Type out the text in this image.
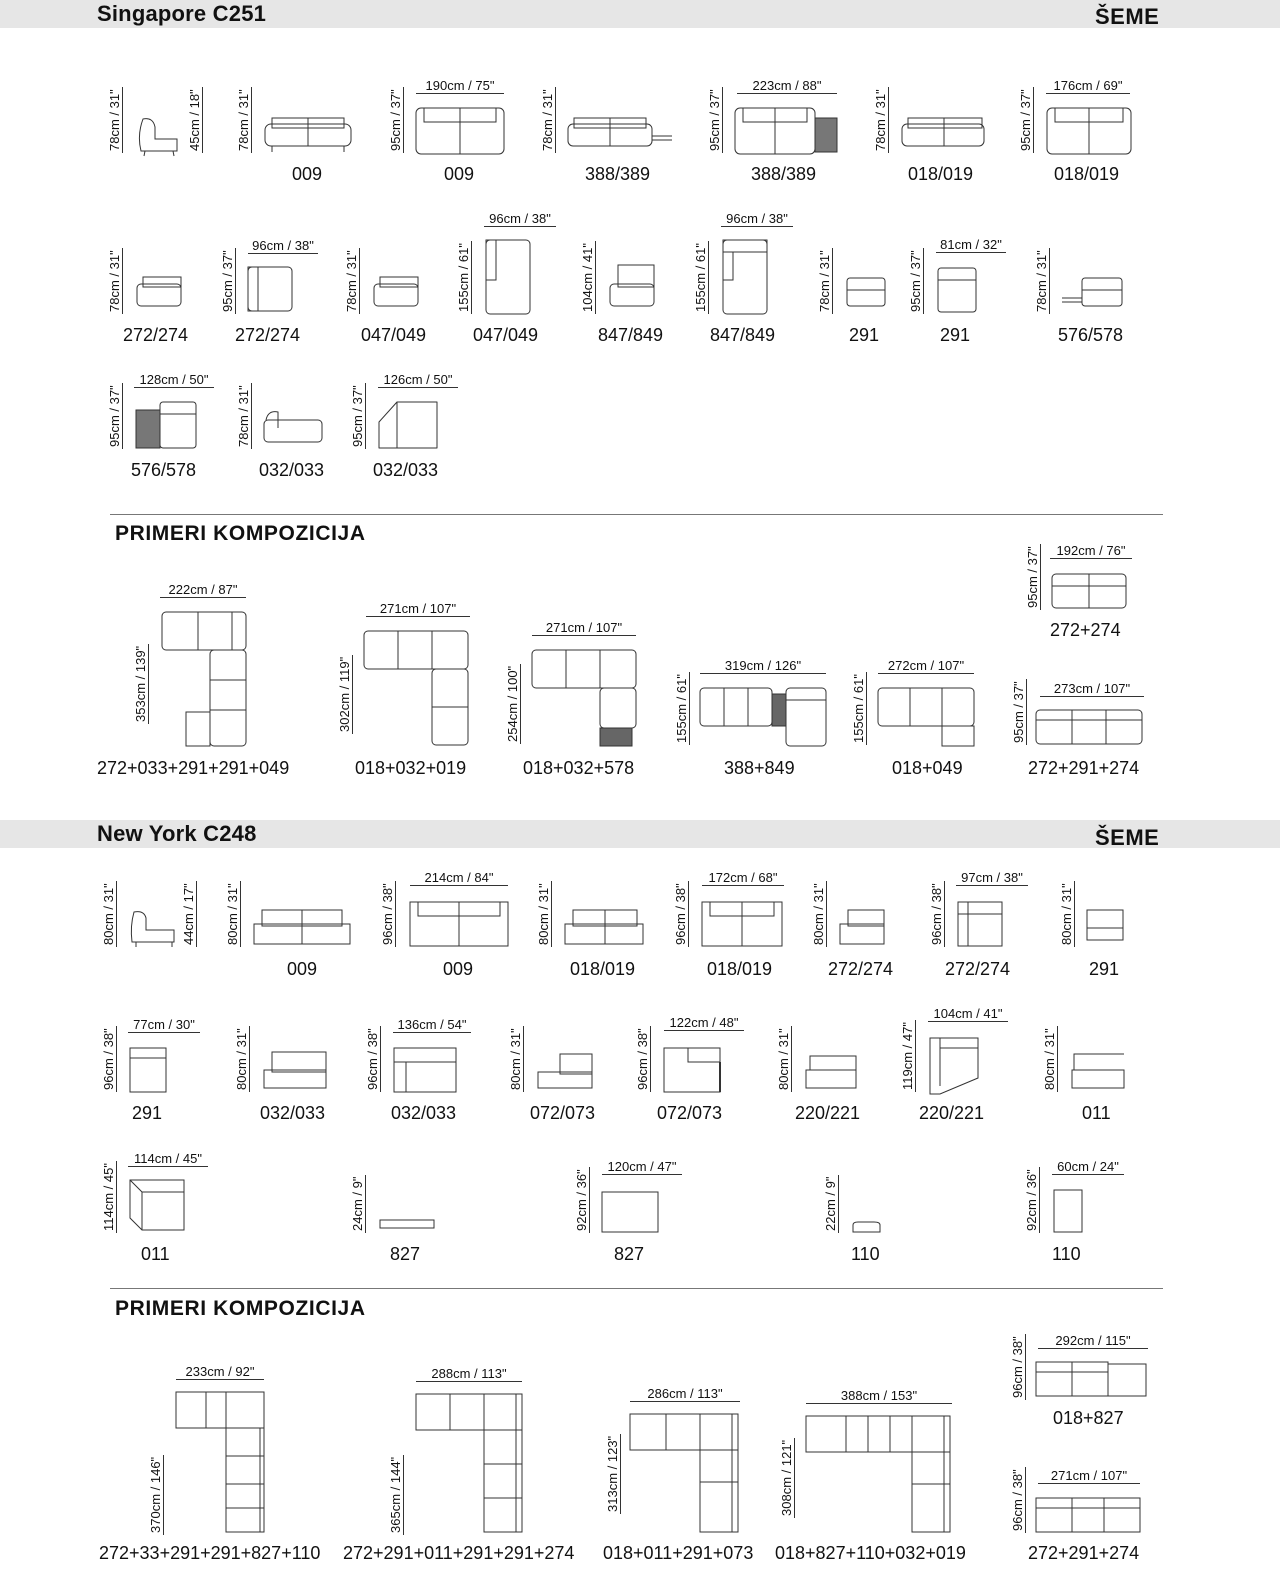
Singapore C251	ŠEME
78cm / 31"	45cm / 18"	78cm / 31"
009
95cm / 37"
190cm / 75"
009
78cm / 31"
388/389
95cm / 37"
223cm / 88"
388/389
78cm / 31"
018/019
95cm / 37"
176cm / 69"
018/019
78cm / 31"
272/274
95cm / 37"
96cm / 38"
272/274
78cm / 31"
047/049
155cm / 61"
96cm / 38"
047/049
104cm / 41"
847/849
155cm / 61"
96cm / 38"
847/849
78cm / 31"
291
95cm / 37"
81cm / 32"
291
78cm / 31"
576/578
95cm / 37"
128cm / 50"
576/578
78cm / 31"
032/033
95cm / 37"
126cm / 50"
032/033
PRIMERI KOMPOZICIJA
353cm / 139"
222cm / 87"
272+033+291+291+049
302cm / 119"
271cm / 107"
018+032+019
254cm / 100"
271cm / 107"
018+032+578
155cm / 61"
319cm / 126"
388+849
155cm / 61"
272cm / 107"
018+049
95cm / 37"	192cm / 76"
272+274
95cm / 37"	273cm / 107"
272+291+274
New York C248	ŠEME
80cm / 31"	44cm / 17" 80cm / 31"
009
96cm / 38"
214cm / 84"
009
80cm / 31"
018/019
96cm / 38"
172cm / 68"
018/019
80cm / 31"
272/274
96cm / 38"
97cm / 38"
272/274
80cm / 31"
291
96cm / 38"
77cm / 30"
291
80cm / 31"
032/033
96cm / 38"
136cm / 54"
032/033
80cm / 31"
072/073
96cm / 38"
122cm / 48"
072/073
80cm / 31"
220/221
119cm / 47"
104cm / 41"
220/221
80cm / 31"
011
114cm / 45"
114cm / 45"
011
24cm / 9"
827
92cm / 36"
120cm / 47"
827
22cm / 9"
110
92cm / 36"
60cm / 24"
110
PRIMERI KOMPOZICIJA
370cm / 146"
233cm / 92"
272+33+291+291+827+110
365cm / 144"
288cm / 113"
272+291+011+291+291+274
313cm / 123"
286cm / 113"
018+011+291+073
308cm / 121"
388cm / 153"
018+827+110+032+019
96cm / 38"	292cm / 115"
018+827
96cm / 38"	271cm / 107"
272+291+274
